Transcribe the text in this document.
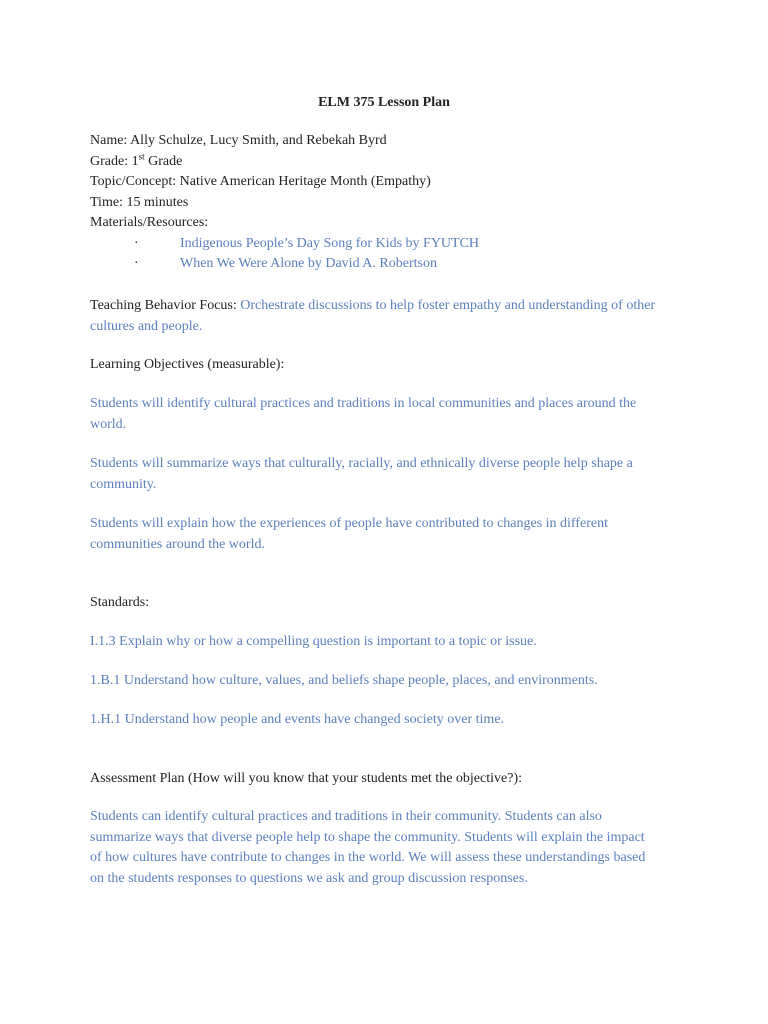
ELM 375 Lesson Plan

Name: Ally Schulze, Lucy Smith, and Rebekah Byrd

Grade: 1st Grade

Topic/Concept: Native American Heritage Month (Empathy)

Time: 15 minutes

Materials/Resources:

·	Indigenous People’s Day Song for Kids by FYUTCH
·	When We Were Alone by David A. Robertson
Teaching Behavior Focus: Orchestrate discussions to help foster empathy and understanding of other cultures and people.
Learning Objectives (measurable):
Students will identify cultural practices and traditions in local communities and places around the world.
Students will summarize ways that culturally, racially, and ethnically diverse people help shape a community.
Students will explain how the experiences of people have contributed to changes in different communities around the world.
Standards:
I.1.3 Explain why or how a compelling question is important to a topic or issue.
1.B.1 Understand how culture, values, and beliefs shape people, places, and environments.
1.H.1 Understand how people and events have changed society over time.
Assessment Plan (How will you know that your students met the objective?):
Students can identify cultural practices and traditions in their community. Students can also summarize ways that diverse people help to shape the community. Students will explain the impact of how cultures have contribute to changes in the world. We will assess these understandings based on the students responses to questions we ask and group discussion responses.
